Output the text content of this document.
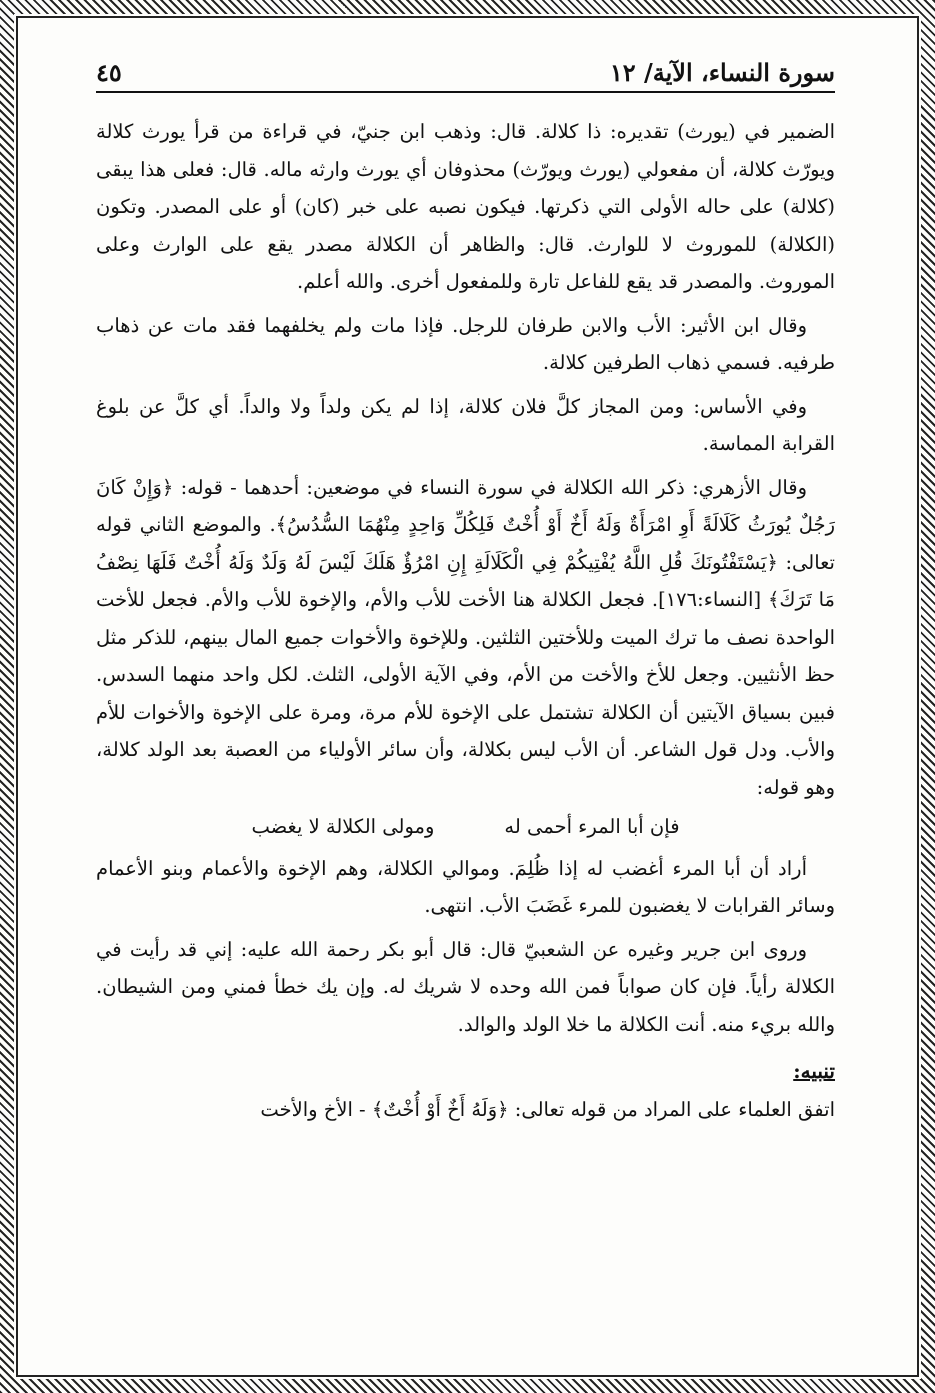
سورة النساء، الآية/ ١٢
٤٥

الضمير في (يورث) تقديره: ذا كلالة. قال: وذهب ابن جنيّ، في قراءة من قرأ يورث كلالة ويورّث كلالة، أن مفعولي (يورث ويورّث) محذوفان أي يورث وارثه ماله. قال: فعلى هذا يبقى (كلالة) على حاله الأولى التي ذكرتها. فيكون نصبه على خبر (كان) أو على المصدر. وتكون (الكلالة) للموروث لا للوارث. قال: والظاهر أن الكلالة مصدر يقع على الوارث وعلى الموروث. والمصدر قد يقع للفاعل تارة وللمفعول أخرى. والله أعلم.

وقال ابن الأثير: الأب والابن طرفان للرجل. فإذا مات ولم يخلفهما فقد مات عن ذهاب طرفيه. فسمي ذهاب الطرفين كلالة.

وفي الأساس: ومن المجاز كلَّ فلان كلالة، إذا لم يكن ولداً ولا والداً. أي كلَّ عن بلوغ القرابة المماسة.

وقال الأزهري: ذكر الله الكلالة في سورة النساء في موضعين: أحدهما - قوله: ﴿وَإِنْ كَانَ رَجُلٌ يُورَثُ كَلَالَةً أَوِ امْرَأَةٌ وَلَهُ أَخٌ أَوْ أُخْتٌ فَلِكُلِّ وَاحِدٍ مِنْهُمَا السُّدُسُ﴾. والموضع الثاني قوله تعالى: ﴿يَسْتَفْتُونَكَ قُلِ اللَّهُ يُفْتِيكُمْ فِي الْكَلَالَةِ إِنِ امْرُؤٌ هَلَكَ لَيْسَ لَهُ وَلَدٌ وَلَهُ أُخْتٌ فَلَهَا نِصْفُ مَا تَرَكَ﴾ [النساء:١٧٦]. فجعل الكلالة هنا الأخت للأب والأم، والإخوة للأب والأم. فجعل للأخت الواحدة نصف ما ترك الميت وللأختين الثلثين. وللإخوة والأخوات جميع المال بينهم، للذكر مثل حظ الأنثيين. وجعل للأخ والأخت من الأم، وفي الآية الأولى، الثلث. لكل واحد منهما السدس. فبين بسياق الآيتين أن الكلالة تشتمل على الإخوة للأم مرة، ومرة على الإخوة والأخوات للأم والأب. ودل قول الشاعر. أن الأب ليس بكلالة، وأن سائر الأولياء من العصبة بعد الولد كلالة، وهو قوله:

فإن أبا المرء أحمى له
ومولى الكلالة لا يغضب

أراد أن أبا المرء أغضب له إذا ظُلِمَ. وموالي الكلالة، وهم الإخوة والأعمام وبنو الأعمام وسائر القرابات لا يغضبون للمرء غَضَبَ الأب. انتهى.

وروى ابن جرير وغيره عن الشعبيّ قال: قال أبو بكر رحمة الله عليه: إني قد رأيت في الكلالة رأياً. فإن كان صواباً فمن الله وحده لا شريك له. وإن يك خطأ فمني ومن الشيطان. والله بريء منه. أنت الكلالة ما خلا الولد والوالد.

تنبيه:

اتفق العلماء على المراد من قوله تعالى: ﴿وَلَهُ أَخٌ أَوْ أُخْتٌ﴾ - الأخ والأخت
